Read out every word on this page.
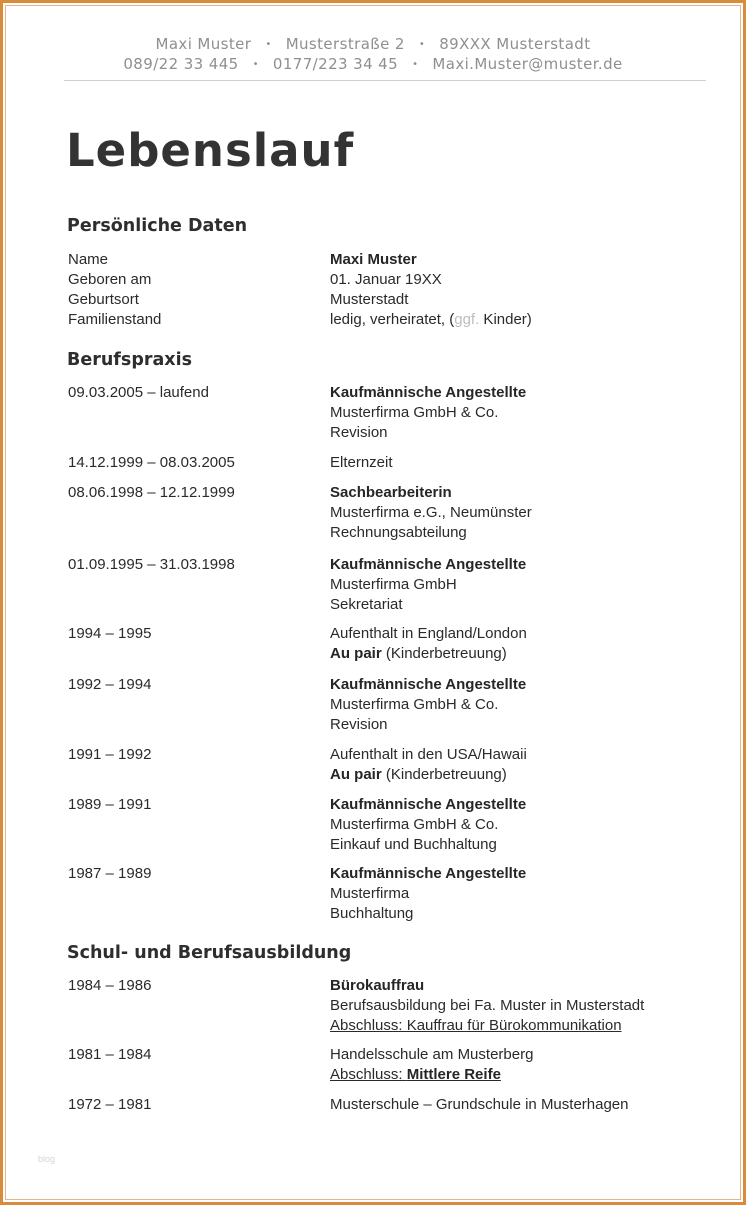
Maxi Muster • Musterstraße 2 • 89XXX Musterstadt
089/22 33 445 • 0177/223 34 45 • Maxi.Muster@muster.de
Lebenslauf
Persönliche Daten
Name	Maxi Muster
Geboren am	01. Januar 19XX
Geburtsort	Musterstadt
Familienstand	ledig, verheiratet, (ggf. Kinder)
Berufspraxis
09.03.2005 – laufend	Kaufmännische Angestellte
Musterfirma GmbH & Co.
Revision
14.12.1999 – 08.03.2005	Elternzeit
08.06.1998 – 12.12.1999	Sachbearbeiterin
Musterfirma e.G., Neumünster
Rechnungsabteilung
01.09.1995 – 31.03.1998	Kaufmännische Angestellte
Musterfirma GmbH
Sekretariat
1994 – 1995	Aufenthalt in England/London
Au pair (Kinderbetreuung)
1992 – 1994	Kaufmännische Angestellte
Musterfirma GmbH & Co.
Revision
1991 – 1992	Aufenthalt in den USA/Hawaii
Au pair (Kinderbetreuung)
1989 – 1991	Kaufmännische Angestellte
Musterfirma GmbH & Co.
Einkauf und Buchhaltung
1987 – 1989	Kaufmännische Angestellte
Musterfirma
Buchhaltung
Schul- und Berufsausbildung
1984 – 1986	Bürokauffrau
Berufsausbildung bei Fa. Muster in Musterstadt
Abschluss: Kauffrau für Bürokommunikation
1981 – 1984	Handelsschule am Musterberg
Abschluss: Mittlere Reife
1972 – 1981	Musterschule – Grundschule in Musterhagen
blog
